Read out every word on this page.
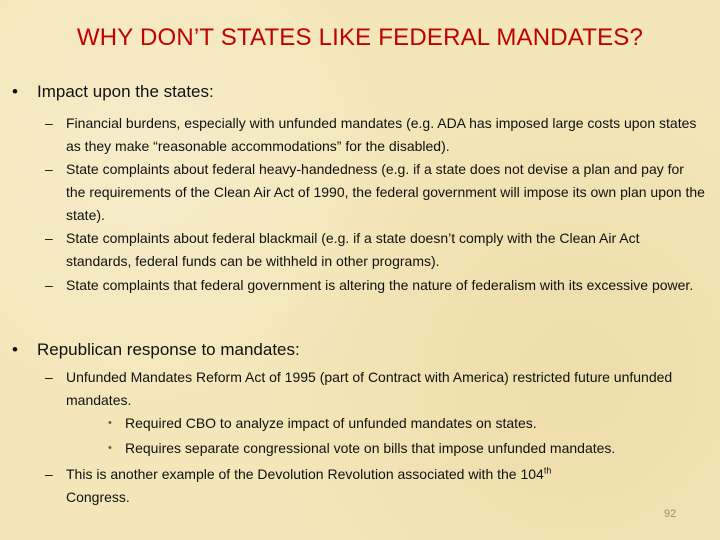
WHY DON’T STATES LIKE FEDERAL MANDATES?
• Impact upon the states:
– Financial burdens, especially with unfunded mandates (e.g. ADA has imposed large costs upon states as they make “reasonable accommodations” for the disabled).
– State complaints about federal heavy-handedness (e.g. if a state does not devise a plan and pay for the requirements of the Clean Air Act of 1990, the federal government will impose its own plan upon the state).
– State complaints about federal blackmail (e.g. if a state doesn’t comply with the Clean Air Act standards, federal funds can be withheld in other programs).
– State complaints that federal government is altering the nature of federalism with its excessive power.
• Republican response to mandates:
– Unfunded Mandates Reform Act of 1995 (part of Contract with America) restricted future unfunded mandates.
• Required CBO to analyze impact of unfunded mandates on states.
• Requires separate congressional vote on bills that impose unfunded mandates.
– This is another example of the Devolution Revolution associated with the 104th
Congress.
92
